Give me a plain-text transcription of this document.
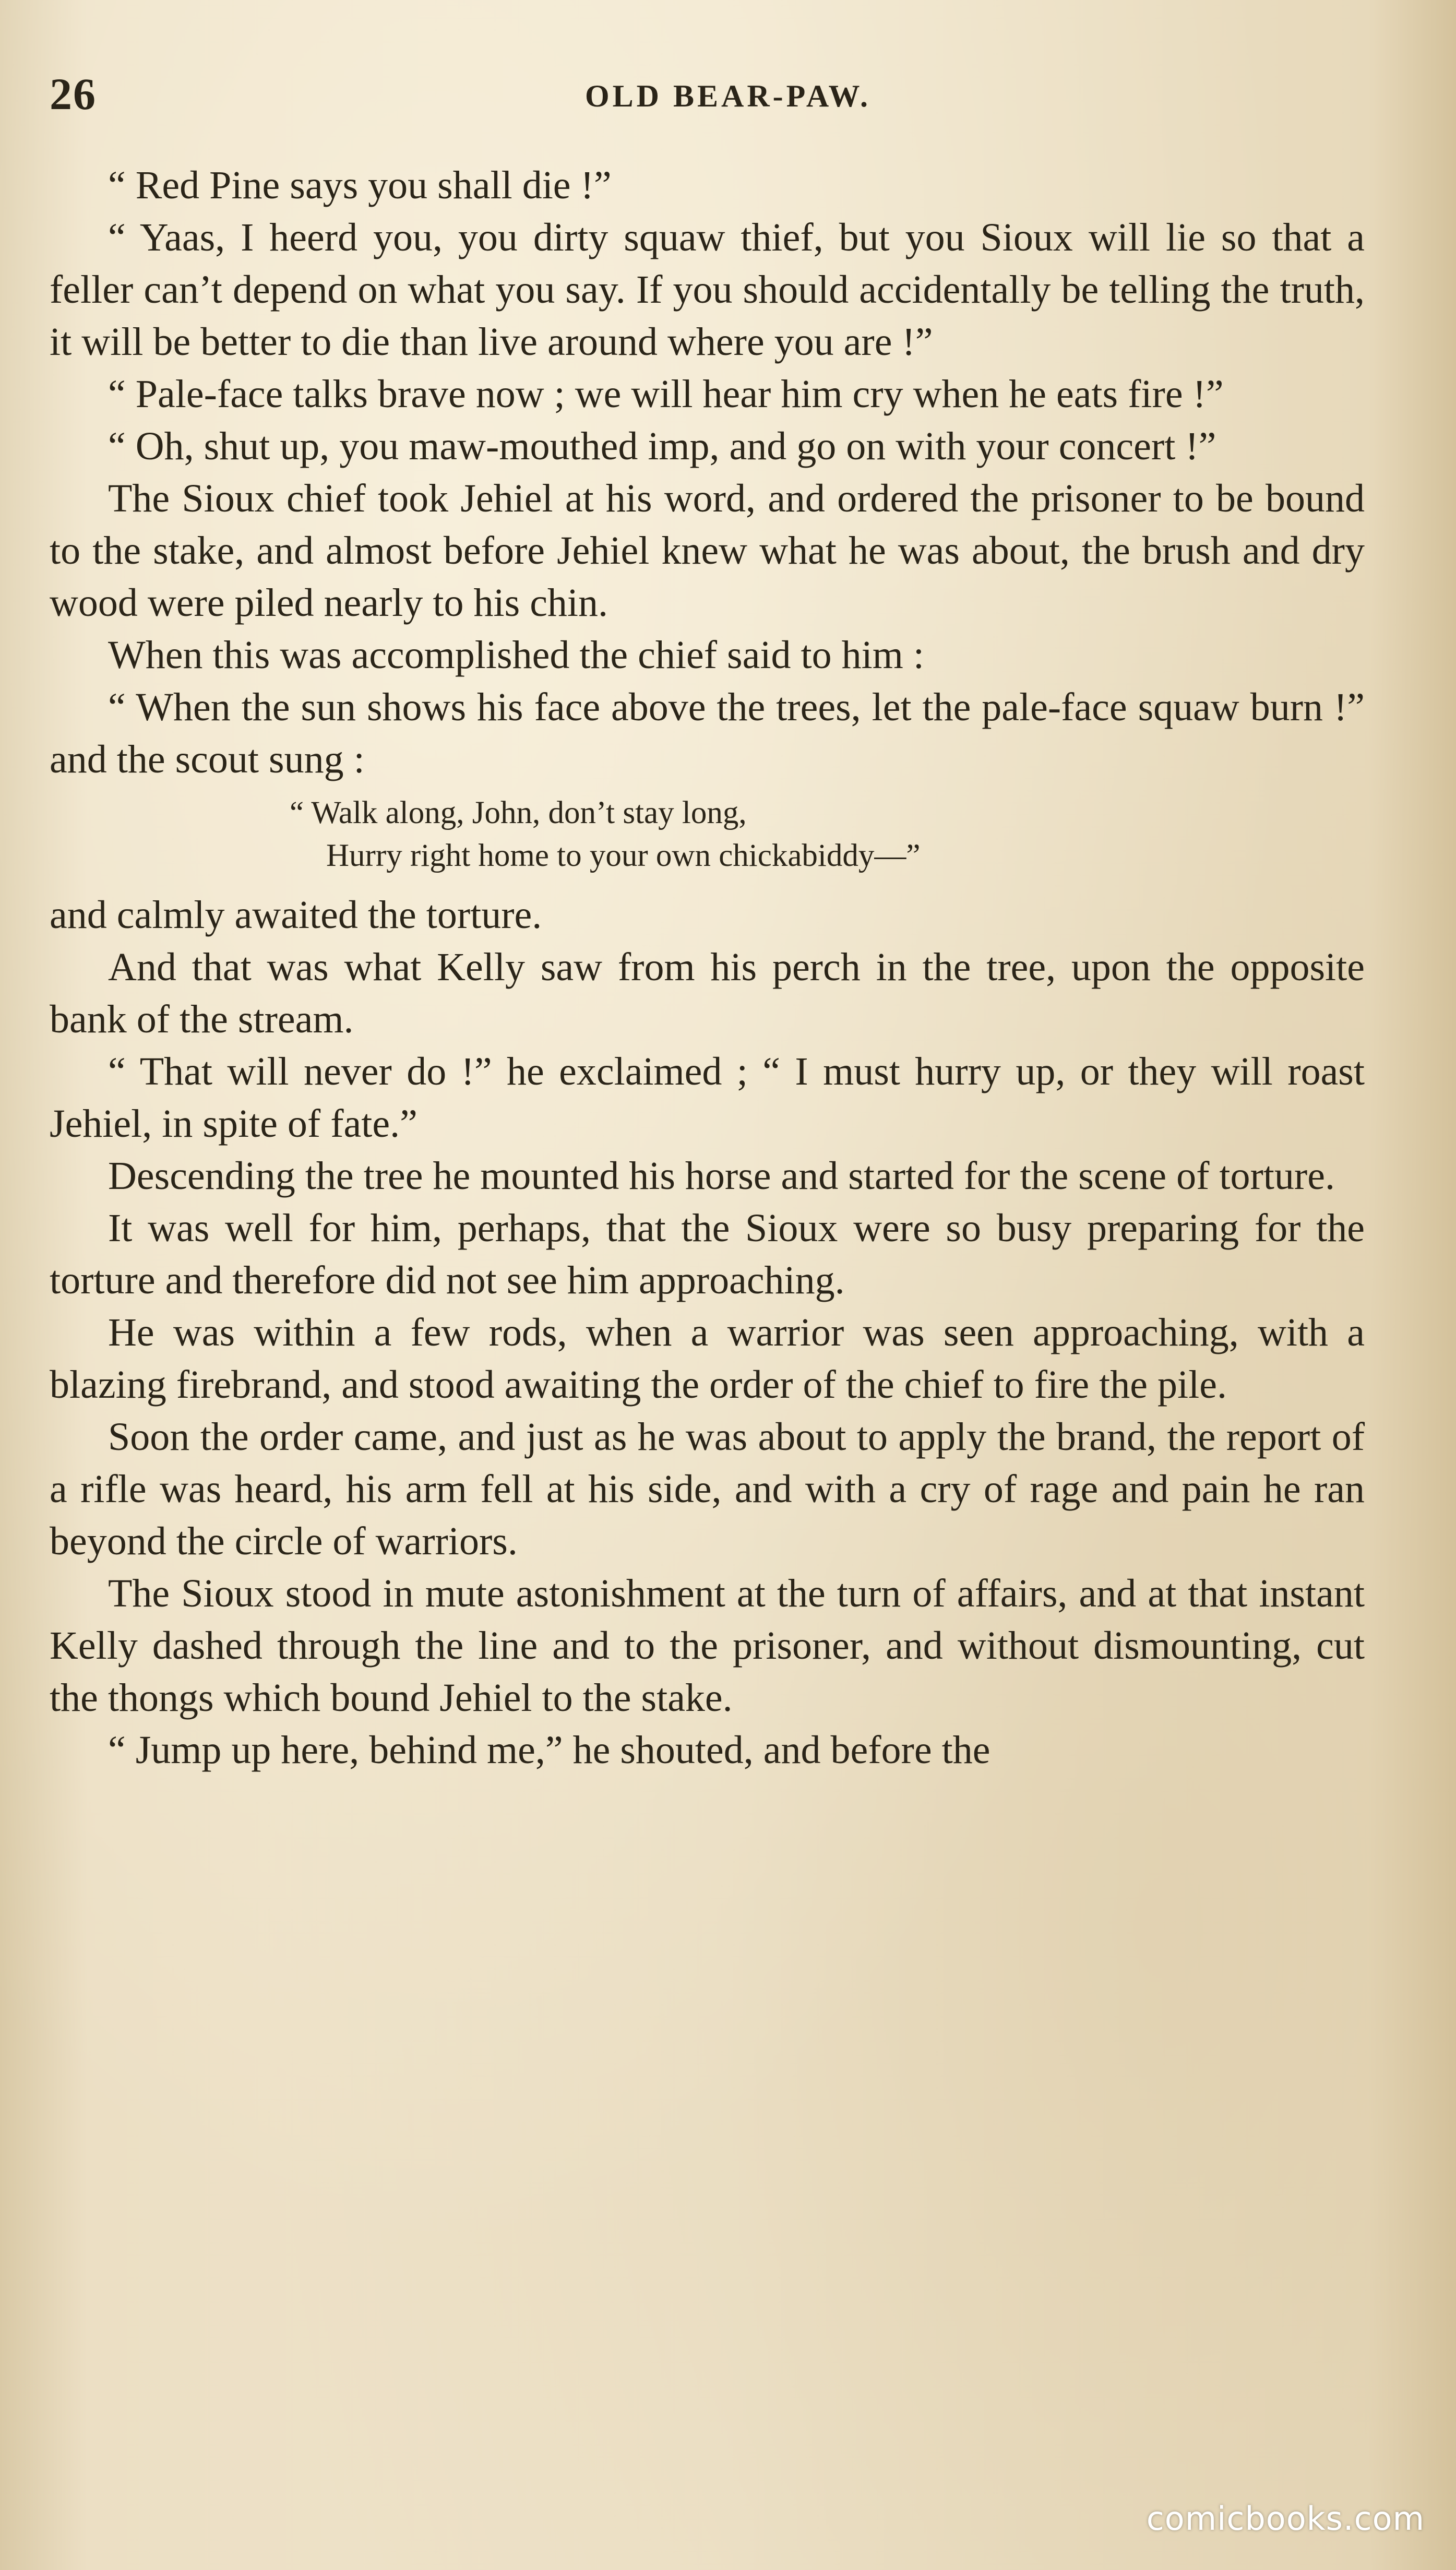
26	OLD BEAR-PAW.

“ Red Pine says you shall die !”

“ Yaas, I heerd you, you dirty squaw thief, but you Sioux will lie so that a feller can’t depend on what you say. If you should accidentally be telling the truth, it will be better to die than live around where you are !”

“ Pale-face talks brave now ; we will hear him cry when he eats fire !”

“ Oh, shut up, you maw-mouthed imp, and go on with your concert !”

The Sioux chief took Jehiel at his word, and ordered the prisoner to be bound to the stake, and almost before Jehiel knew what he was about, the brush and dry wood were piled nearly to his chin.

When this was accomplished the chief said to him :

“ When the sun shows his face above the trees, let the pale-face squaw burn !” and the scout sung :

“ Walk along, John, don’t stay long,
Hurry right home to your own chickabiddy—”

and calmly awaited the torture.

And that was what Kelly saw from his perch in the tree, upon the opposite bank of the stream.

“ That will never do !” he exclaimed ; “ I must hurry up, or they will roast Jehiel, in spite of fate.”

Descending the tree he mounted his horse and started for the scene of torture.

It was well for him, perhaps, that the Sioux were so busy preparing for the torture and therefore did not see him approaching.

He was within a few rods, when a warrior was seen approaching, with a blazing firebrand, and stood awaiting the order of the chief to fire the pile.

Soon the order came, and just as he was about to apply the brand, the report of a rifle was heard, his arm fell at his side, and with a cry of rage and pain he ran beyond the circle of warriors.

The Sioux stood in mute astonishment at the turn of affairs, and at that instant Kelly dashed through the line and to the prisoner, and without dismounting, cut the thongs which bound Jehiel to the stake.

“ Jump up here, behind me,” he shouted, and before the

comicbooks.com
